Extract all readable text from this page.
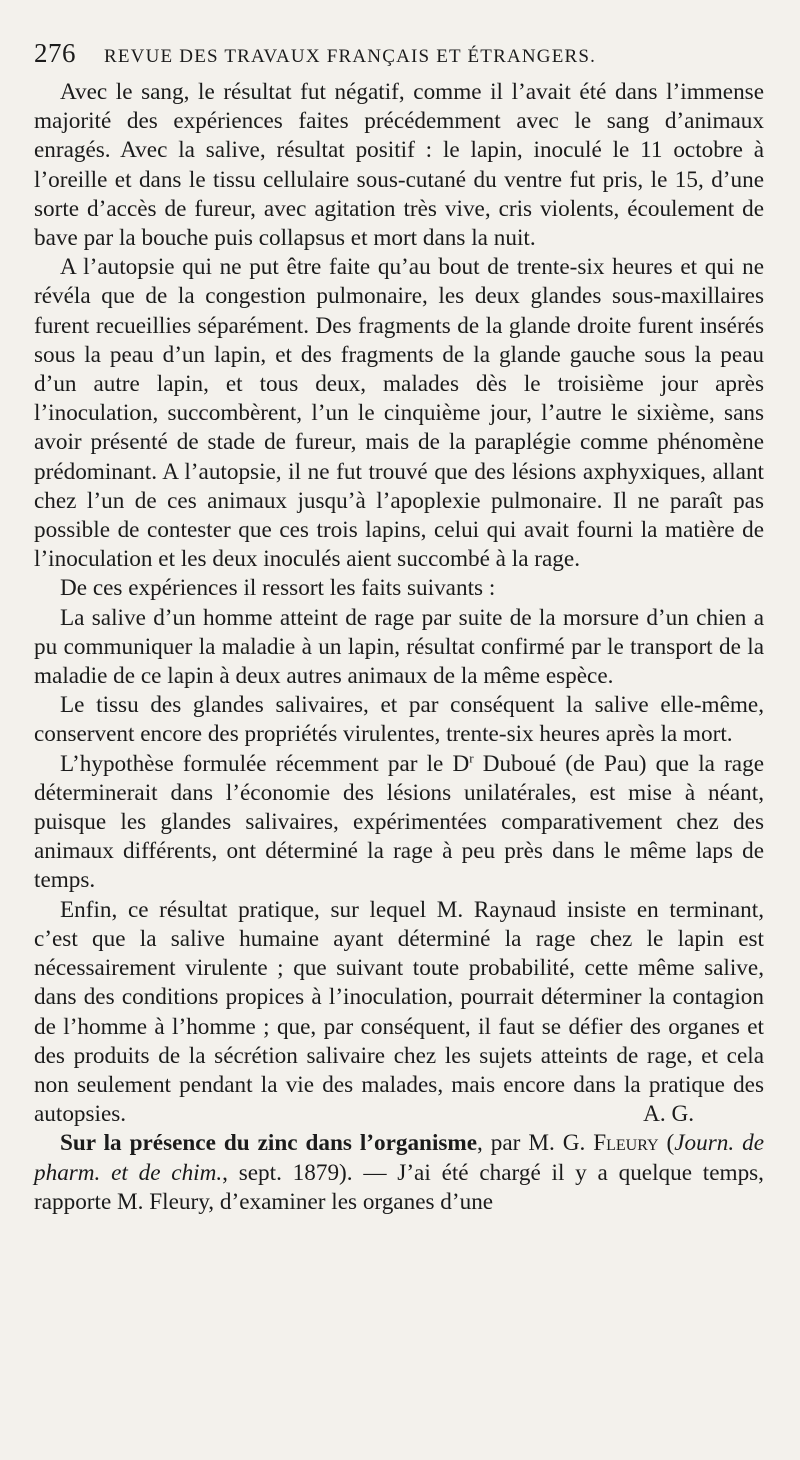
276	REVUE DES TRAVAUX FRANÇAIS ET ÉTRANGERS.

Avec le sang, le résultat fut négatif, comme il l’avait été dans l’immense majorité des expériences faites précédemment avec le sang d’animaux enragés. Avec la salive, résultat positif : le lapin, inoculé le 11 octobre à l’oreille et dans le tissu cellulaire sous-cutané du ventre fut pris, le 15, d’une sorte d’accès de fureur, avec agitation très vive, cris violents, écoulement de bave par la bouche puis collapsus et mort dans la nuit.

A l’autopsie qui ne put être faite qu’au bout de trente-six heures et qui ne révéla que de la congestion pulmonaire, les deux glandes sous-maxillaires furent recueillies séparément. Des fragments de la glande droite furent insérés sous la peau d’un lapin, et des fragments de la glande gauche sous la peau d’un autre lapin, et tous deux, malades dès le troisième jour après l’inoculation, succombèrent, l’un le cinquième jour, l’autre le sixième, sans avoir présenté de stade de fureur, mais de la paraplégie comme phénomène prédominant. A l’autopsie, il ne fut trouvé que des lésions axphyxiques, allant chez l’un de ces animaux jusqu’à l’apoplexie pulmonaire. Il ne paraît pas possible de contester que ces trois lapins, celui qui avait fourni la matière de l’inoculation et les deux inoculés aient succombé à la rage.

De ces expériences il ressort les faits suivants :

La salive d’un homme atteint de rage par suite de la morsure d’un chien a pu communiquer la maladie à un lapin, résultat confirmé par le transport de la maladie de ce lapin à deux autres animaux de la même espèce.

Le tissu des glandes salivaires, et par conséquent la salive elle-même, conservent encore des propriétés virulentes, trente-six heures après la mort.

L’hypothèse formulée récemment par le $D^r$ Duboué (de Pau) que la rage déterminerait dans l’économie des lésions unilatérales, est mise à néant, puisque les glandes salivaires, expérimentées comparativement chez des animaux différents, ont déterminé la rage à peu près dans le même laps de temps.

Enfin, ce résultat pratique, sur lequel M. Raynaud insiste en terminant, c’est que la salive humaine ayant déterminé la rage chez le lapin est nécessairement virulente ; que suivant toute probabilité, cette même salive, dans des conditions propices à l’inoculation, pourrait déterminer la contagion de l’homme à l’homme ; que, par conséquent, il faut se défier des organes et des produits de la sécrétion salivaire chez les sujets atteints de rage, et cela non seulement pendant la vie des malades, mais encore dans la pratique des autopsies.	A. G.

Sur la présence du zinc dans l’organisme, par M. G. Fleury (Journ. de pharm. et de chim., sept. 1879). — J’ai été chargé il y a quelque temps, rapporte M. Fleury, d’examiner les organes d’une
